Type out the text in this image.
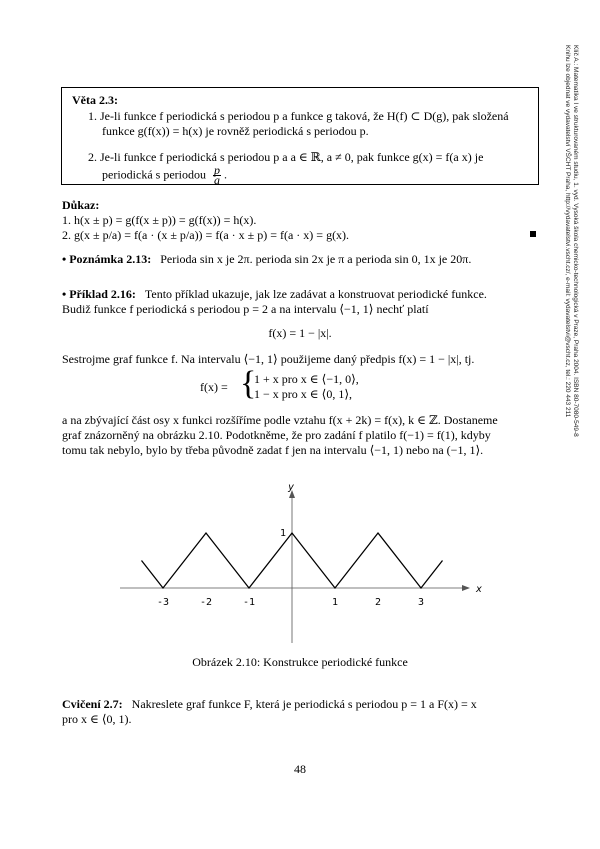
Klíč A.: Matematika I ve strukturovaném studiu, 1. vyd. Vysoká škola chemicko-technologická v Praze, Praha 2004. ISBN 80-7080-549-8
Knihu lze objednat ve vydavatelství VŠCHT Praha, http://vydavatelstvi.vscht.cz/, e-mail: vydavatelstvi@vscht.cz, tel.: 220 443 211
Věta 2.3:
1. Je-li funkce f periodická s periodou p a funkce g taková, že H(f) ⊂ D(g), pak složená
funkce g(f(x)) = h(x) je rovněž periodická s periodou p.
2. Je-li funkce f periodická s periodou p a a ∈ ℝ, a ≠ 0, pak funkce g(x) = f(a x) je
periodická s periodou $\frac{p}{a}$ .
Důkaz:
1. h(x ± p) = g(f(x ± p)) = g(f(x)) = h(x).
2. g(x ± p/a) = f(a · (x ± p/a)) = f(a · x ± p) = f(a · x) = g(x).
• Poznámka 2.13: Perioda sin x je 2π. perioda sin 2x je π a perioda sin 0, 1x je 20π.
• Příklad 2.16: Tento příklad ukazuje, jak lze zadávat a konstruovat periodické funkce.
Budiž funkce f periodická s periodou p = 2 a na intervalu ⟨−1, 1⟩ nechť platí
f(x) = 1 − |x|.
Sestrojme graf funkce f. Na intervalu ⟨−1, 1⟩ použijeme daný předpis f(x) = 1 − |x|, tj.
f(x) = {
1 + x pro x ∈ ⟨−1, 0⟩,
1 − x pro x ∈ ⟨0, 1⟩,
a na zbývající část osy x funkci rozšíříme podle vztahu f(x + 2k) = f(x), k ∈ ℤ. Dostaneme
graf znázorněný na obrázku 2.10. Podotkněme, že pro zadání f platilo f(−1) = f(1), kdyby
tomu tak nebylo, bylo by třeba původně zadat f jen na intervalu ⟨−1, 1) nebo na (−1, 1⟩.
x
y
-3	-2	-1	1	2	3
1
Obrázek 2.10: Konstrukce periodické funkce
Cvičení 2.7: Nakreslete graf funkce F, která je periodická s periodou p = 1 a F(x) = x
pro x ∈ ⟨0, 1).
48
